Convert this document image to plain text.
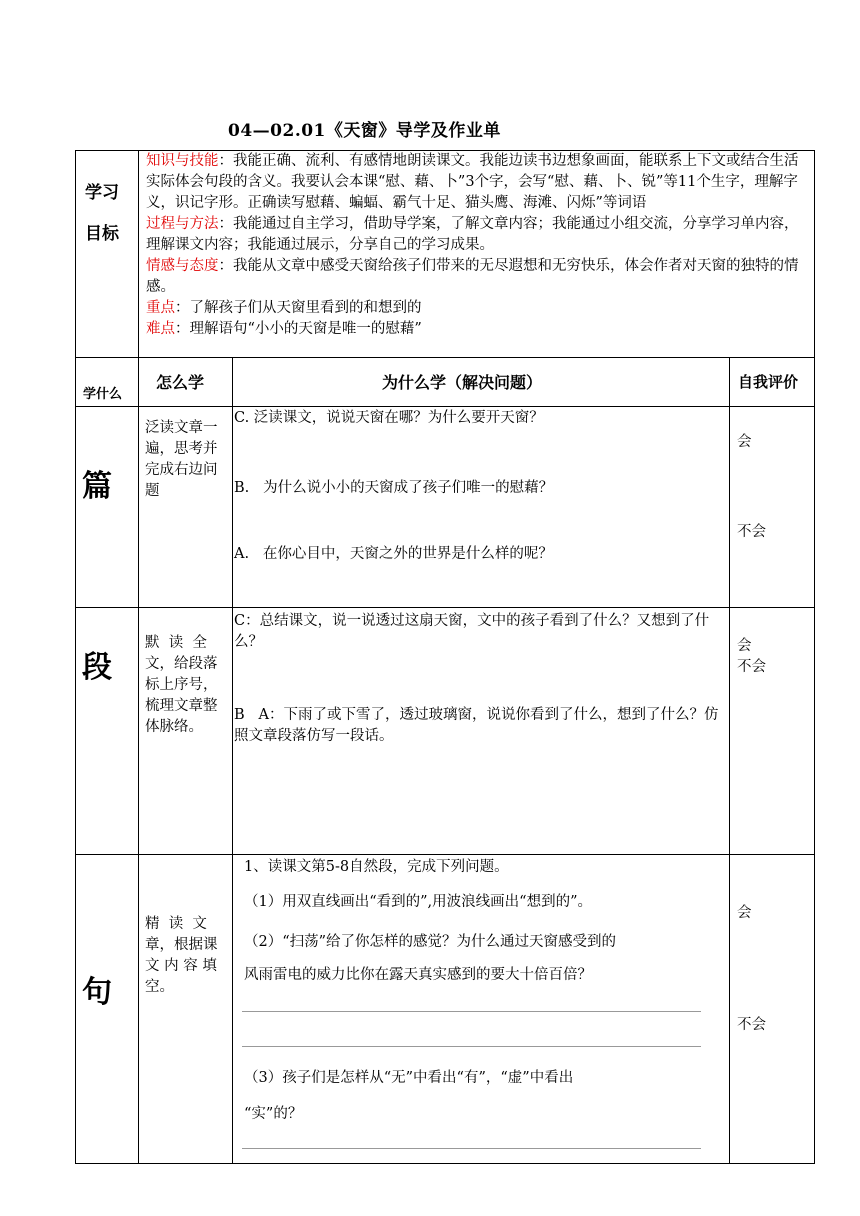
04—02.01《天窗》导学及作业单
学习
目标
知识与技能：我能正确、流利、有感情地朗读课文。我能边读书边想象画面，能联系上下文或结合生活实际体会句段的含义。我要认会本课“慰、藉、卜”3个字，会写“慰、藉、卜、锐”等11个生字，理解字义，识记字形。正确读写慰藉、蝙蝠、霸气十足、猫头鹰、海滩、闪烁”等词语
过程与方法：我能通过自主学习，借助导学案，了解文章内容；我能通过小组交流，分享学习单内容，理解课文内容；我能通过展示，分享自己的学习成果。
情感与态度：我能从文章中感受天窗给孩子们带来的无尽遐想和无穷快乐，体会作者对天窗的独特的情感。
重点：了解孩子们从天窗里看到的和想到的
难点：理解语句“小小的天窗是唯一的慰藉”
学什么
怎么学	为什么学（解决问题）	自我评价
篇
泛读文章一遍，思考并完成右边问题
C. 泛读课文，说说天窗在哪？为什么要开天窗？
B.   为什么说小小的天窗成了孩子们唯一的慰藉？
A.   在你心目中，天窗之外的世界是什么样的呢？
会
不会
段
默  读  全
文，给段落标上序号，梳理文章整体脉络。
C：总结课文，说一说透过这扇天窗，文中的孩子看到了什么？又想到了什么？
B   A：下雨了或下雪了，透过玻璃窗，说说你看到了什么，想到了什么？仿照文章段落仿写一段话。
会
不会
句
精  读  文
章，根据课
文 内 容 填
空。
1、读课文第5-8自然段，完成下列问题。
（1）用双直线画出“看到的”,用波浪线画出“想到的”。
（2）“扫荡”给了你怎样的感觉？为什么通过天窗感受到的
风雨雷电的威力比你在露天真实感到的要大十倍百倍？
（3）孩子们是怎样从“无”中看出“有”，“虚”中看出
“实”的？
会
不会
